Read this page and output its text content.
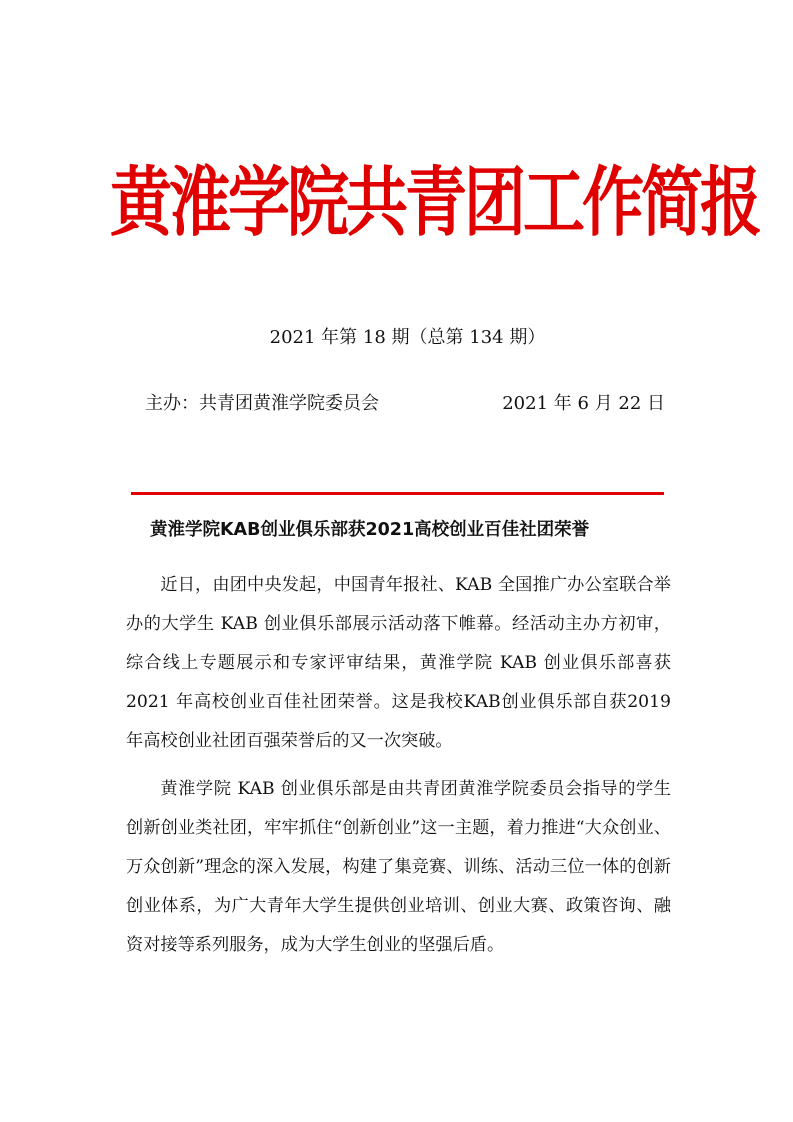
黄淮学院共青团工作简报
2021 年第 18 期（总第 134 期）
主办：共青团黄淮学院委员会	2021 年 6 月 22 日
黄淮学院KAB创业俱乐部获2021高校创业百佳社团荣誉

近日，由团中央发起，中国青年报社、KAB 全国推广办公室联合举办的大学生 KAB 创业俱乐部展示活动落下帷幕。经活动主办方初审，综合线上专题展示和专家评审结果，黄淮学院 KAB 创业俱乐部喜获2021 年高校创业百佳社团荣誉。这是我校KAB创业俱乐部自获2019 年高校创业社团百强荣誉后的又一次突破。

黄淮学院 KAB 创业俱乐部是由共青团黄淮学院委员会指导的学生创新创业类社团，牢牢抓住“创新创业”这一主题，着力推进“大众创业、万众创新”理念的深入发展，构建了集竞赛、训练、活动三位一体的创新创业体系，为广大青年大学生提供创业培训、创业大赛、政策咨询、融资对接等系列服务，成为大学生创业的坚强后盾。
